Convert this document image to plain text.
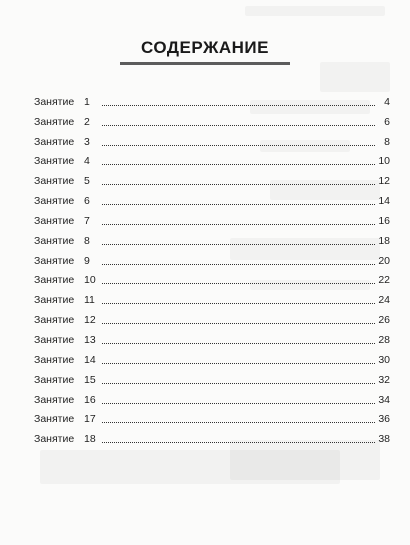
СОДЕРЖАНИЕ
Занятие 1	4
Занятие 2	6
Занятие 3	8
Занятие 4	10
Занятие 5	12
Занятие 6	14
Занятие 7	16
Занятие 8	18
Занятие 9	20
Занятие 10	22
Занятие 11	24
Занятие 12	26
Занятие 13	28
Занятие 14	30
Занятие 15	32
Занятие 16	34
Занятие 17	36
Занятие 18	38
